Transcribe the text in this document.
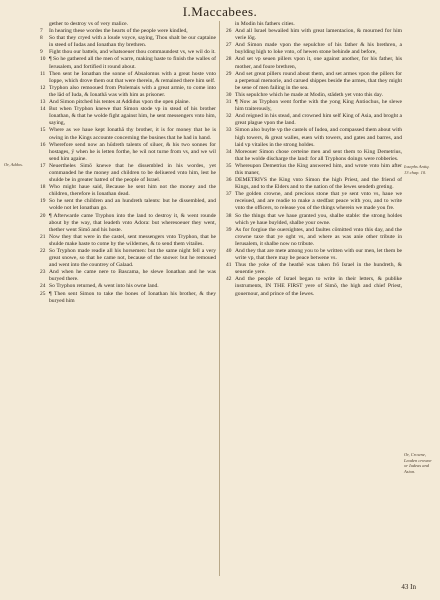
I.Maccabees.
gether to destroy vs of very malice.
7	In hearing these wordes the hearts of the people were kindled,
8	So that they cryed with a loude voyce, saying, Thou shalt be our captaine in steed of Iudas and Ionathan thy brethren.
9	Fight thou our battels, and whatsoeuer thou commaundest vs, we wil do it.
10 ¶ So he gathered all the men of warre, making haste to finish the walles of Ierusalem, and fortified it round about.
11 Then sent he Ionathan the sonne of Absalomus with a great hoste vnto Ioppe, which drove them out that were therein, & remained there him self.
12 Tryphon also remooued from Ptolemais with a great armie, to come into the lād of Iuda, & Ionathā was with him as prisoner.
13 And Simon pitched his tentes at Addidus vpon the open plaine.
14 But when Tryphon knewe that Simon stode vp in stead of his brother Ionathan, & that he wolde fight against him, he sent messengers vnto him, saying,
15 Where as we haue kept Ionathā thy brother, it is for money that he is owing in the Kings accounte concerning the busines that he had in hand.
16 Wherefore send now an hūdreth talents of siluer, & his two sonnes for hostages, ÿ when he is letten forthe, he wil not turne from vs, and we wil send him againe.
17 Neuertheles Simō knewe that he dissembled in his wordes, yet commanded he the money and children to be deliuered vnto him, lest he shulde be in greater hatred of the people of Israel.
18 Who might haue said, Because he sent him not the money and the children, therefore is Ionathan dead.
19 So he sent the children and an hundreth talents: but he dissembled, and wolde not let Ionathan go.
20 ¶ Afterwarde came Tryphon into the land to destroy it, & went rounde about by the way, that leadeth vnto Adora: but wheresoeuer they went, thether went Simō and his hoste.
21 Now they that were in the castel, sent messengers vnto Tryphon, that he shulde make haste to come by the wildernes, & to send them vitailes.
22 So Tryphon made readie all his horsemen: but the same night fell a very great snowe, so that he came not, because of the snowe: but he remoued and went into the countrey of Galaad.
23 And when he came nere to Bascama, he slewe Ionathan and he was buryed there.
24 So Tryphon returned, & went into his owne land.
25 ¶ Then sent Simon to take the bones of Ionathan his brother, & they buryed him
in Modin his fathers cities.
26 And all Israel bewailed him with great lamentacion, & mourned for him verie lōg.
27 And Simon made vpon the sepulchre of his father & his brethren, a buylding high to loke vnto, of hewen stone behinde and before,
28 And set vp seuen pillers vpon it, one against another, for his father, his mother, and foure brethren,
29 And set great pillers round about them, and set armes vpon the pillers for a perpetual memorie, and carued shippes beside the armes, that they might be sene of men failing in the sea.
30 This sepulchre which he made at Modin, stādeth yet vnto this day.
31 ¶ Now as Tryphon went forthe with the yong King Antiochus, he slewe him traiterously,
32 And reigned in his stead, and crowned him self King of Asia, and broght a great plague vpon the land.
33 Simon also buylte vp the castels of Iudea, and compassed them about with high towers, & great walles, euen with towers, and gates and barres, and laid vp vitailes in the strong holdes.
34 Moreouer Simon chose certeine men and sent them to King Demetrius, that he wolde discharge the land: for all Tryphons doings were robberies.
35 Whereupon Demetrius the King answered him, and wrote vnto him after this maner,
36 DEMETRIVS the King vnto Simon the high Priest, and the friend of Kings, and to the Elders and to the nation of the Iewes sendeth greting.
37 The golden crowne, and precious stone that ye sent vnto vs, haue we receiued, and are readie to make a stedfast peace with you, and to write vnto the officers, to release you of the things wherein we made you fre.
38 So the things that we haue granted you, shalbe stable: the strong holdes which ye haue buylded, shalbe your owne.
39 As for forgiue the ouersightes, and faultes cōmitted vnto this day, and the crowne taxe that ye oght vs, and where as was anie other tribute in Ierusalem, it shalbe now no tribute.
40 And they that are mete among you to be written with our men, let them be write vp, that there may be peace betwene vs.
41 Thus the yoke of the heathē was taken frō Israel in the hundreth, & seuentie yere.
42 And the people of Israel began to write in their letters, & publike instruments, IN THE FIRST yere of Simō, the high and chief Priest, gouernour, and prince of the Iewes.
Or, Addos.	Iosephs Antiq. 13 chap. 10.
Or, Crowne, Leaden crowne or Iudeas and Asion.
43 In
